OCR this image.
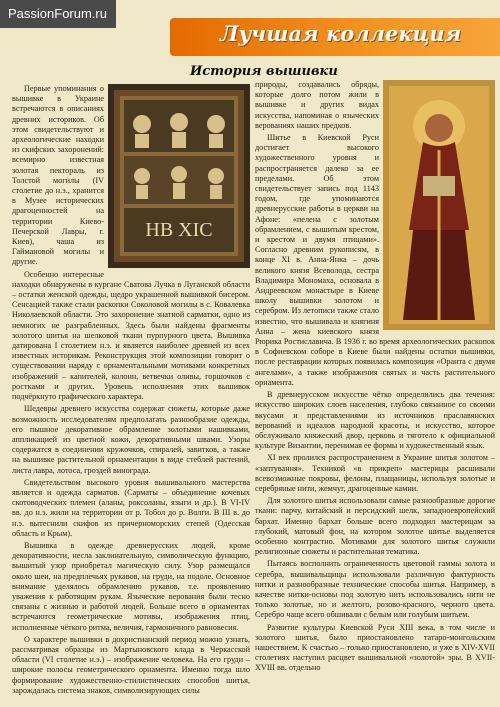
PassionForum.ru
Лучшая коллекция
История вышивки
HB XIC

Первые упоминания о вышивке в Украине встречаются в описаниях древних историков. Об этом свидетельствуют и археологические находки из скифских захоронений: всемирно известная золотая пектораль из Толстой могилы (IV столетие до н.э., хранится в Музее исторических драгоценностей на территории Киево-Печерской Лавры, г. Киев), чаша из Гаймановой могилы и другие.

Особенно интересные находки обнаружены в кургане Сватова Лучка в Луганской области – остатки женской одежды, щедро украшенной вышивкой бисером. Сенсацией также стали раскопки Соколовой могилы в с. Ковалевка Николаевской области. Это захоронение знатной сарматки, одно из немногих не разграбленных. Здесь были найдены фрагменты золотого шитья на шелковой ткани пурпурного цвета. Вышивка датирована I столетием н.э. и является наиболее древней из всех известных историкам. Реконструкция этой композиции говорит о существовании наряду с орнаментальными мотивами конкретных изображений – капителей, колонн, ветвечки оливы, горшочков с ростками и других. Уровень исполнения этих вышивок подчёркнуто графического характера.

Шедевры древнего искусства содержат сюжеты, которые даже возможность исследователям предполагать разнообразие одежды, его пышное декоративное обрамление золотыми нашивками, аппликацией из цветной кожи, декоративными швами. Узоры содержатся в соединении кружочков, спиралей, завитков, а также на вышивке растительной орнаментации в виде стеблей растений, листа лавра, лотоса, гроздей винограда.

Свидетельством высокого уровня вышивального мастерства является и одежда сарматов. (Сарматы – объединение кочевых скотоводческих племен (аланы, роксоланы, языги и др.). В VI-IV вв. до н.э. жили на территории от р. Тобол до р. Волги. В III в. до н.э. вытеснили скифов из причерноморских степей (Одесская область и Крым).

Вышивка в одежде древнерусских людей, кроме декоративности, несла заклинательную, символическую функцию, вышитый узор приобретал магическую силу. Узор размещался около шеи, на предплечьях рукавов, на груди, на подоле. Основное внимание уделялось обрамлению рукавов, т.е. проявлению уважения к работящим рукам. Языческие верования были тесно связаны с жизнью и работой людей. Больше всего в орнаментах встречаются геометрические мотивы, изображения птиц, исполненные чёткого ритма, величия, гармоничного равновесия.

О характере вышивки в дохристианский период можно узнать, рассматривая образцы из Мартыновского клада в Черкасской области (VI столетие н.э.) – изображение человека. На его груди – широкие полосы геометрического орнамента. Именно тогда шло формирование художественно-стилистических способов шитья, зарождалась система знаков, символизирующих силы

природы, создавались обряды, которые долго потом жили в вышивке и других видах искусства, напоминая о языческих верованиях наших предков.

Шитье в Киевской Руси достигает высокого художественного уровня и распространяется далеко за ее пределами. Об этом свидетельствует запись под 1143 годом, где упоминаются древнерусские работы в церкви на Афоне: «пелена с золотым обрамлением, с вышитым крестом, и крестом и двумя птицами». Согласно древним рукописям, в конце XI в. Анна-Янка – дочь великого князя Всеволода, сестра Владимира Мономаха, основала в Андреевском монастыре в Киеве школу вышивки золотом и серебром. Из летописи также стало известно, что вышивала и княгиня Анна – жена киевского князя Рюрика Ростиславича. В 1936 г. во время археологических раскопок в Софиевском соборе в Киеве были найдены остатки вышивки, после реставрации которых появилась композиция «Оранта с двумя ангелами», а также изображения святых и часть растительного орнамента.

В древнерусском искусстве чётко определились два течения: искусство широких слоев населения, глубоко связанное со своими вкусами и представлениями из источников праславянских верований и идеалов народной красоты, и искусство, которое обслуживало княжеский двор, церковь и тяготело к официальной культуре Византии, перенимая ее формы и художественный язык.

XI век пролился распространением в Украине шитья золотом – «заптування». Техникой «в прикреп» мастерицы расшивали всевозможные покровы, фелоны, плащаницы, используя золотые и серебряные нити, жемчуг, драгоценные камни.

Для золотого шитья использовали самые разнообразные дорогие ткани: парчу, китайский и персидский шелк, западноевропейский бархат. Именно бархат больше всего подходил мастерицам за глубокий, матовый фон, на котором золотое шитье выделяется особенно контрастно. Мотивами для золотого шитья служили религиозные сюжеты и растительная тематика.

Пытаясь восполнить ограниченность цветовой гаммы золота и серебра, вышивальщицы использовали различную фактурность нитки и разнообразные технические способы шитья. Например, в качестве нитки-основы под золотую нить использовались нити не только золотые, но и желтого, розово-красного, черного цвета. Серебро чаще всего обшивали с белым или голубым шитьем.

Развитие культуры Киевской Руси XIII века, в том числе и золотого шитья, было приостановлено татаро-монгольским нашествием. К счастью – только приостановлено, и уже в XIV-XVII столетиях наступил расцвет вышивальной «золотой» эры. В XVII-XVIII вв. отдельно
